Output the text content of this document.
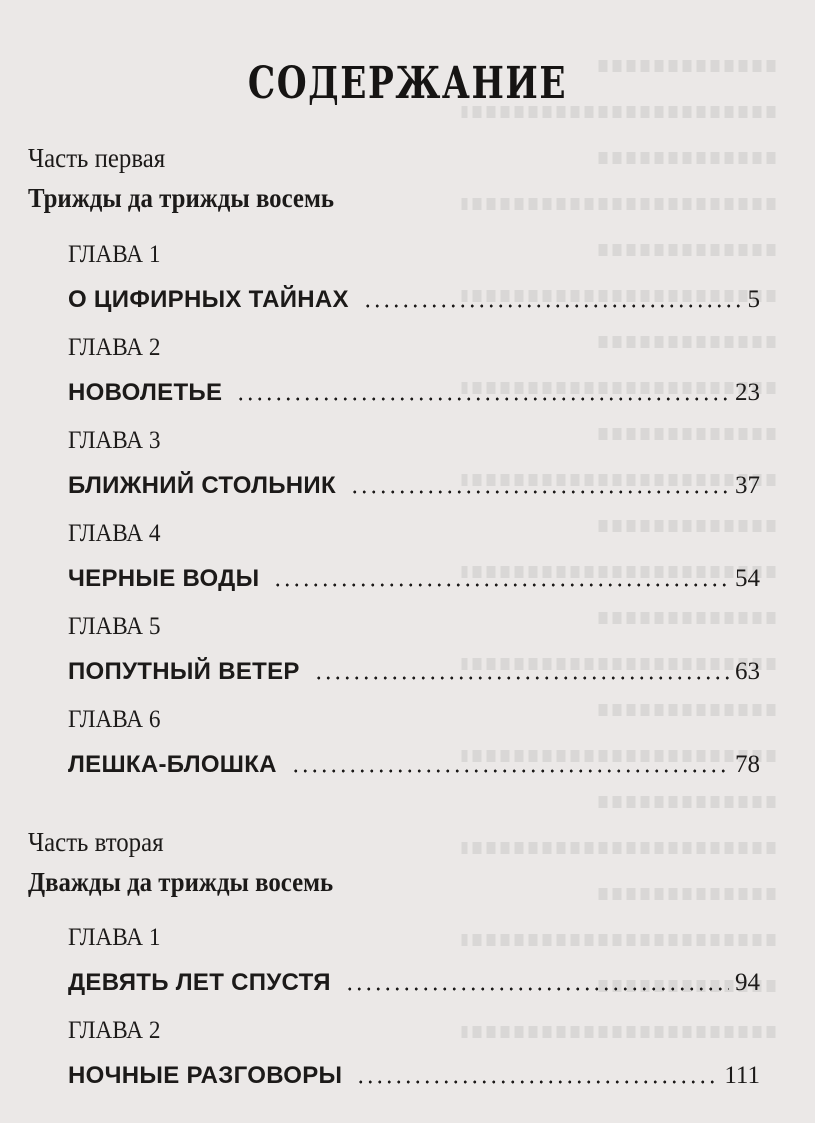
СОДЕРЖАНИЕ
Часть первая
Трижды да трижды восемь
ГЛАВА 1
О ЦИФИРНЫХ ТАЙНАХ	5
ГЛАВА 2
НОВОЛЕТЬЕ	23
ГЛАВА 3
БЛИЖНИЙ СТОЛЬНИК	37
ГЛАВА 4
ЧЕРНЫЕ ВОДЫ	54
ГЛАВА 5
ПОПУТНЫЙ ВЕТЕР	63
ГЛАВА 6
ЛЕШКА-БЛОШКА	78
Часть вторая
Дважды да трижды восемь
ГЛАВА 1
ДЕВЯТЬ ЛЕТ СПУСТЯ	94
ГЛАВА 2
НОЧНЫЕ РАЗГОВОРЫ	111
